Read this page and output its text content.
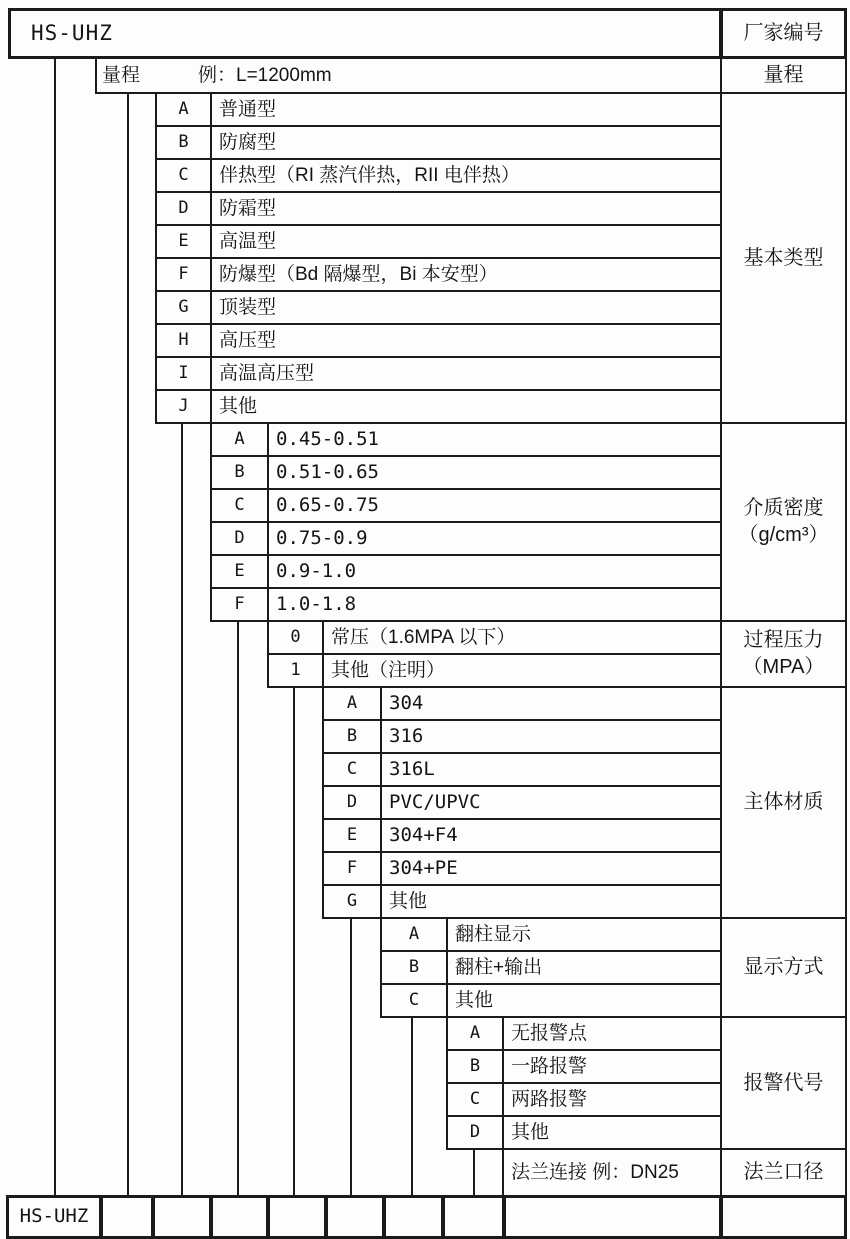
HS-UHZ	厂家编号
量程	例：L=1200mm	量程
A	普通型
B	防腐型
C	伴热型（RI 蒸汽伴热，RII 电伴热）
D	防霜型
E	高温型
F	防爆型（Bd 隔爆型，Bi 本安型）
G	顶装型
H	高压型
I	高温高压型
J	其他
基本类型
A	0.45-0.51
B	0.51-0.65
C	0.65-0.75
D	0.75-0.9
E	0.9-1.0
F	1.0-1.8
介质密度
（g/cm³）
0	常压（1.6MPA 以下）
1	其他（注明）
过程压力
（MPA）
A	304
B	316
C	316L
D	PVC/UPVC
E	304+F4
F	304+PE
G	其他
主体材质
A	翻柱显示
B	翻柱+输出
C	其他
显示方式
A	无报警点
B	一路报警
C	两路报警
D	其他
报警代号
法兰连接 例：DN25	法兰口径
HS-UHZ
